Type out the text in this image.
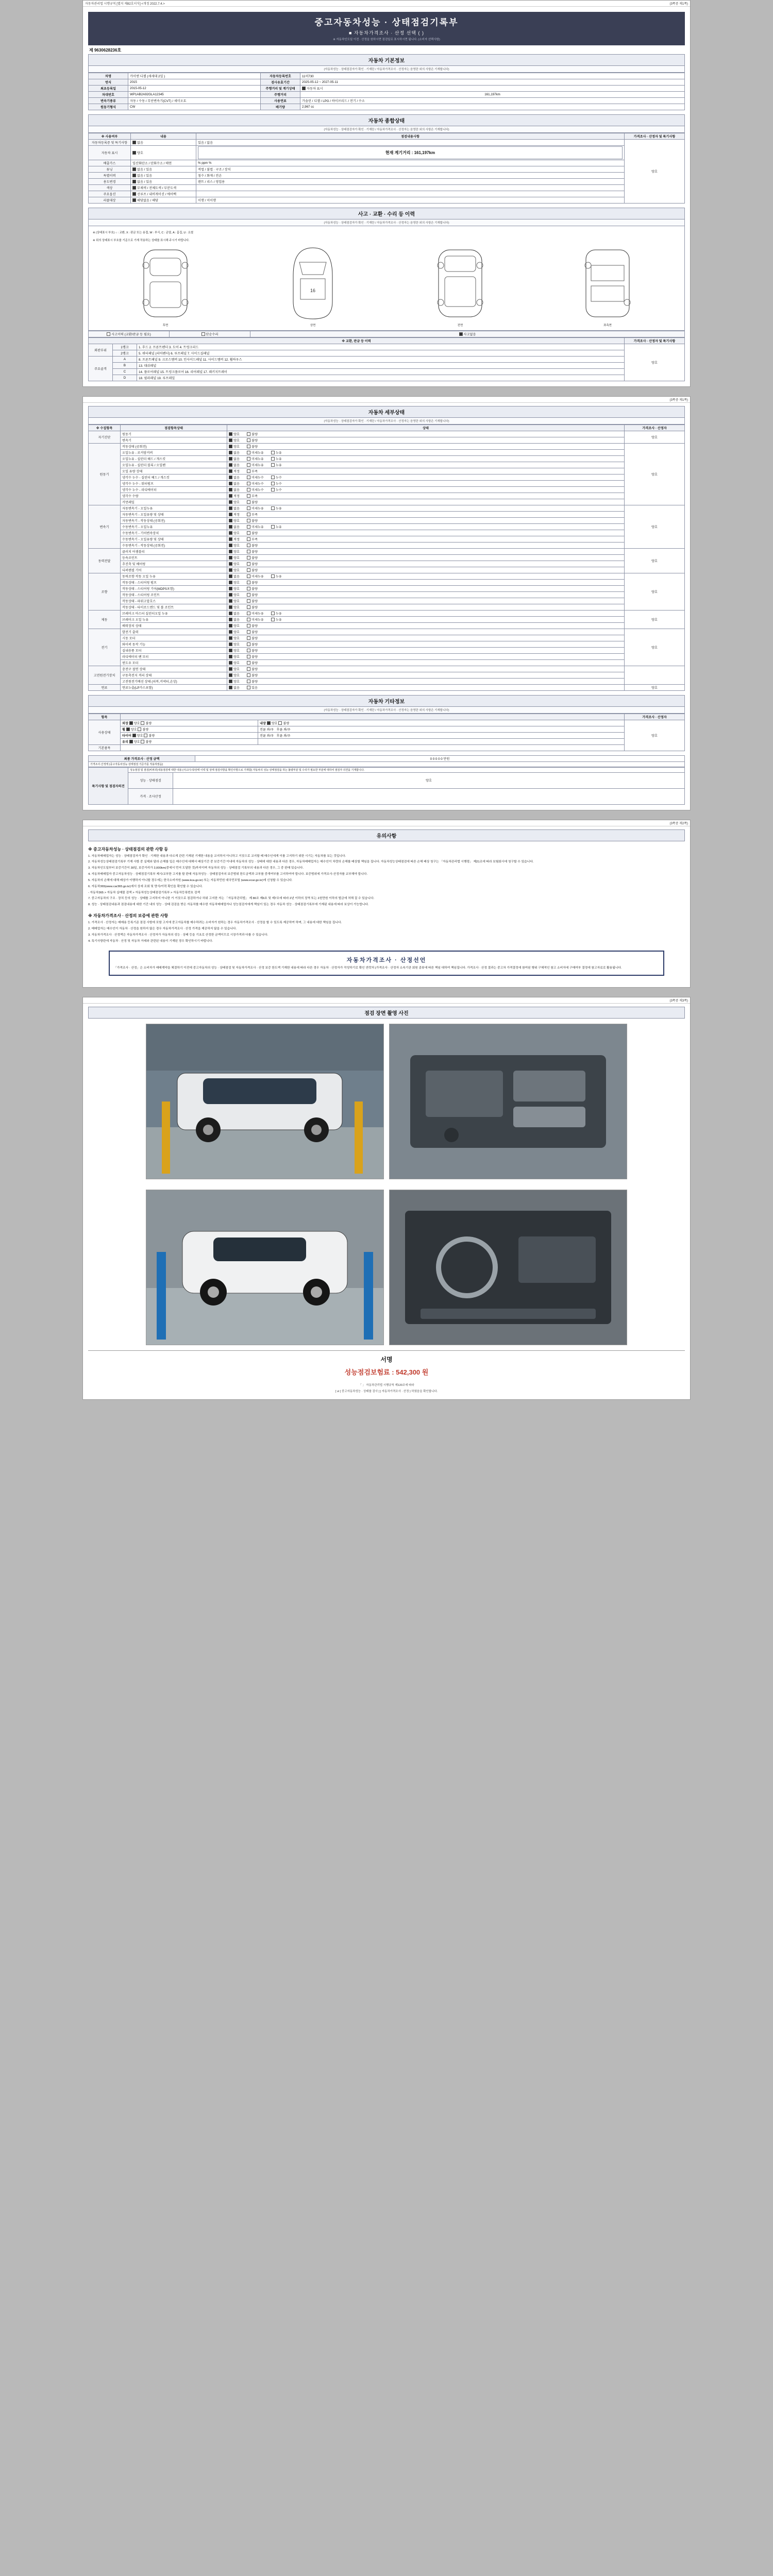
자동차관리법 시행규칙 [별지 제82호서식] <개정 2022.7.4.>	(3쪽중 제1쪽)
중고자동차성능 · 상태점검기록부
■ 자동차가격조사 · 산정 선택 ( )
※ 자동차인도일 이전 · 산정을 원하시면 점검일로 표시하시면 됩니다. (소비자 선택사항)
제 9630628236호
자동차 기본정보
(자동차성능 · 상태점검자가 확인 · 기재란 / 자동차가격조사 · 산정자는 음영란 외의 사항은 기재합니다)
차명	카이엔 디젤 (세세대 2일 )	자동차등록번호	11허730
연식	2015	검사유효기간	2025-05-12 ~ 2027-05-11
최초등록일	2015-05-12	주행거리 및 계기상태	자동차 표시
차대번호	WP1AB2A92GLA12345	주행거리	161,197km
변속기종류	자동 / 수동 / 무단변속기(CVT) / 세미오토	사용연료	가솔린 / 디젤 / LPG / 하이브리드 / 전기 / 수소
원동기형식	CW	배기량	2,967 cc
자동차 종합상태
(자동차성능 · 상태점검자가 확인 · 기재란 / 자동차가격조사 · 산정자는 음영란 외의 사항은 기재합니다)
※ 사용여부	내용	점검내용사항	가격조사 · 산정자 및 특기사항
자동차등록증 및 특기사항	없음	있음 / 없음	양호
자동차 표시	양호	현재 계기거리 : 161,197km	

배출가스	일산화탄소 / 탄화수소 / 매연	% ppm %	
튜닝	없음 / 있음	적법 / 불법 · 구조 / 장치	
특별이력	없음 / 있음	침수 / 화재 / 전손	
용도변경	없음 / 있음	렌트 / 리스 / 영업용	
색상	무채색 / 전체도색 / 부분도색		
주요옵션	선루프 / 내비게이션 / 에어백		
리콜대상	해당없음 / 해당	이행 / 미이행	
사고 · 교환 · 수리 등 이력
(자동차성능 · 상태점검자가 확인 · 기재란 / 자동차가격조사 · 산정자는 음영란 외의 사항은 기재합니다)
※ (상태표시 부호) ○ : 교환, X : 판금 또는 용접, W : 부식, C : 균열, A : 흠집, U : 요철
※ 위의 상태표시 부호를 기준으로 기재 작용하는 상태를 표시해 주시기 바랍니다.
후면
16
상면	전면	좌측면
사고이력 (교환/판금 등 필요)	단순수리	사고없음
※ 교환, 판금 등 이력			가격조사 · 산정자 및 특기사항
외판부위	1랭크	1. 후드 2. 프론트펜더 3. 도어 4. 트렁크리드	양호
	2랭크	5. 쿼터패널 (리어펜더) 6. 루프패널 7. 사이드실패널	
주요골격	A	8. 프론트패널 9. 크로스멤버 10. 인사이드패널 11. 사이드멤버 12. 휠하우스	
	B	13. 대쉬패널	
	C	14. 플로어패널 15. 트렁크플로어 16. 리어패널 17. 패키지트레이	
	D	18. 필라패널 19. 루프레일	
(3쪽중 제1쪽)
자동차 세부상태
(자동차성능 · 상태점검자가 확인 · 기재란 / 자동차가격조사 · 산정자는 음영란 외의 사항은 기재합니다)
※ 수집항목	점검항목상태	상태	가격조사 · 산정자
자기진단	원동기	양호 불량	양호
	변속기	양호 불량	
원동기	작동상태 (공회전)	양호 불량	양호
	오일누유 - 로커암커버	없음 미세누유 누유	
	오일누유 - 실린더 헤드 / 개스킷	없음 미세누유 누유	
	오일누유 - 실린더 블록 / 오일팬	없음 미세누유 누유	
	오일 유량 상태	적정 부족	
	냉각수 누수 - 실린더 헤드 / 개스킷	없음 미세누수 누수	
	냉각수 누수 - 워터펌프	없음 미세누수 누수	
	냉각수 누수 - 라디에이터	없음 미세누수 누수	
	냉각수 수량	적정 부족	
	커먼레일	양호 불량	
변속기	자동변속기 - 오일누유	없음 미세누유 누유	양호
	자동변속기 - 오일유량 및 상태	적정 부족	
	자동변속기 - 작동상태 (공회전)	양호 불량	
	수동변속기 - 오일누유	없음 미세누유 누유	
	수동변속기 - 기어변속장치	양호 불량	
	수동변속기 - 오일유량 및 상태	적정 부족	
	수동변속기 - 작동상태 (공회전)	양호 불량	
동력전달	클러치 어셈블리	양호 불량	양호
	등속조인트	양호 불량	
	추진축 및 베어링	양호 불량	
	디퍼렌셜 기어	양호 불량	
조향	동력조향 작동 오일 누유	없음 미세누유 누유	양호
	작동상태 - 스티어링 펌프	양호 불량	
	작동상태 - 스티어링 기어(MDPS포함)	양호 불량	
	작동상태 - 스티어링 조인트	양호 불량	
	작동상태 - 파워고압호스	양호 불량	
	작동상태 - 타이로드엔드 및 볼 조인트	양호 불량	
제동	브레이크 마스터 실린더오일 누유	없음 미세누유 누유	양호
	브레이크 오일 누유	없음 미세누유 누유	
	배력장치 상태	양호 불량	
전기	발전기 출력	양호 불량	양호
	시동 모터	양호 불량	
	와이퍼 동작 기능	양호 불량	
	실내송풍 모터	양호 불량	
	라디에이터 팬 모터	양호 불량	
	윈도우 모터	양호 불량	
고전원전기장치	충전구 절연 상태	양호 불량	
	구동축전지 격리 상태	양호 불량	
	고전원전기배선 상태 (피복,커넥터,손상)	양호 불량	
연료	연료누출(LP가스포함)	없음 있음	양호
자동차 기타정보
(자동차성능 · 상태점검자가 확인 · 기재란 / 자동차가격조사 · 산정자는 음영란 외의 사항은 기재합니다)
항목			가격조사 · 산정자
사용상태	외장 양호 불량	내장 양호 불량	양호
	휠 양호 불량	전륜 좌/우 후륜 좌/우	
	타이어 양호 불량	전륜 좌/우 후륜 좌/우	
	유리 양호 불량		
기본품목			
최종 가격조사 · 산정 금액	0 0 0 0 0 만원
가격조사·산정액 (중고자동차성능·상태점검 기준가를 적용하였음)
특기사항 및 점검자의견	성능점검 및 점검(비파괴)내용점검에 대한 내용 (사고/수리/상태 이력 및 상태 점검사항을 확인사항으로 기재함) 자동차의 성능·상태점검을 하는 불량부분 및 수리가 필요한 부분에 대하여 점검자 의견을 기재합니다.	
	성능 · 상태점검	양호
	가격 · 조사산정	
(3쪽중 제2쪽)
유의사항
※ 중고자동차성능 · 상태점검의 관한 사항 등

1. 자동차매매업자는 성능 · 상태점검자가 확인 · 기재한 내용과 다르게 관련 기재된 기재한 내용을 교지하지 아니하고 거짓으로 교지할 때 매수인에게 이를 고지하기 위한 시기는 자동차를 보는 것입니다.

2. 자동차성능상태점검기록부 기재 사항 중 실제와 달라 손해를 입은 매수인에 대해서 배상기간 중 보증기간 이내에 자동차의 성능 · 상태에 대한 내용과 다른 경우, 자동차매매업자는 매수인이 차량의 손해를 배상할 책임을 집니다. 자동차성능상태점검에 따른 손해 배상 청구는 「자동차관리법 시행령」 제21조에 따라 보험회사에 청구할 수 있습니다.

3. 자동차인도일부터 보증기간이 30일, 보증거리가 2,000km(중에서 먼저 도달한 것)까지이며 자동차의 성능 · 상태점검 기록부의 내용과 다른 경우, 그 중 판매 있습니다.

4. 자동차매매업자 중고자동차성능 · 상태점검기록부 제시/교부한 고지를 할 판매 자동차성능 · 상태점검자의 보증범위 한도금액과 교부를 중개여부를 고지하여야 합니다. 보증범위에 가격조사·산정자를 교부해야 합니다.

5. 자동차의 손해에 대해 배상가 이행하지 아니할 경우에는 한국소비자원 (www.kca.go.kr) 또는 자동차민원 대국민포털 (www.ecar.go.kr)에 신청할 수 있습니다.

6. 자동차365(www.car365.go.kr)에서 상세 조회 및 양식/이력 확인을 확인할 수 있습니다.

- 자동차365 > 자동차 실매물 검색 > 자동차성능상태점검기록부 > 자동차등록번호 검색

7. 중고자동차의 구조 · 장치 등의 성능 · 상태를 고지하지 아니한 거 거짓으로 점검하거나 허위 고지한 자는 「자동차관리법」 제 80조 제6호 및 제7조에 따라 2년 이하의 징역 또는 2천만원 이하의 벌금에 처해 질 수 있습니다.

8. 성능 · 상태점검내용과 점검내용에 대한 기간 내의 성능 · 상태 검검을 받은 자동차를 매수한 자동차매매업자나 성능점검자에게 책임이 있는 경우 자동차 성능 · 상태점검기록부에 기재된 내용에 따라 보상이 가능합니다.

※ 자동차가격조사 · 산정의 보증에 관한 사항

1. 가격조사 · 산정자는 매매용 등록기준 점검 사항에 포함 고지에 중고자동차를 매수하려는 소비자가 원하는 경우 자동차가격조사 · 산정을 할 수 있도록 제공하여 하며, 그 내용에 대한 책임을 집니다.

2. 매매업자는 매수인이 자동차 · 산정을 원하지 않은 경우 자동차가격조사 · 산정 가격을 제공하지 않을 수 있습니다.

3. 자동차가격조사 · 산정액은 자동차가격조사 · 산정자가 자동차의 성능 · 상태 등을 기초로 산정한 금액이므로 시장가격과 다를 수 있습니다.

4. 특기사항란에 자동차 · 산정 및 자동차 거래와 관련된 내용이 기재된 경우 확인하시기 바랍니다.

자동차가격조사 · 산정선언
「가격조사 · 산정」은 소비자가 매매계약을 체결하기 이전에 중고자동차의 성능 · 상태점검 및 자동차가격조사 · 산정 보증 한도액 기재한 내용에 따라 다른 경우 자동차 · 산정자가 작성하기로 확인 연락처 (가격조사 · 산정자 소속기관 회원 종류에 따른 책임 대하여 책임집니다. 가격조사 · 산정 결과는 중고차 가격결정에 참여된 행위 구체적인 참고 소비자에 구매여부 결정에 참고자료로 활용됩니다.
(3쪽중 제3쪽)
점검 장면 촬영 사진
서명
성능점검보험료 : 542,300 원
「 」 자동차관리법 시행규칙 제120조에 따라
[ ⅵ ] 중고자동차성능 · 상태를 검사 [ ] 자동차가격조사 · 산정 } 하였음을 확인합니다.
